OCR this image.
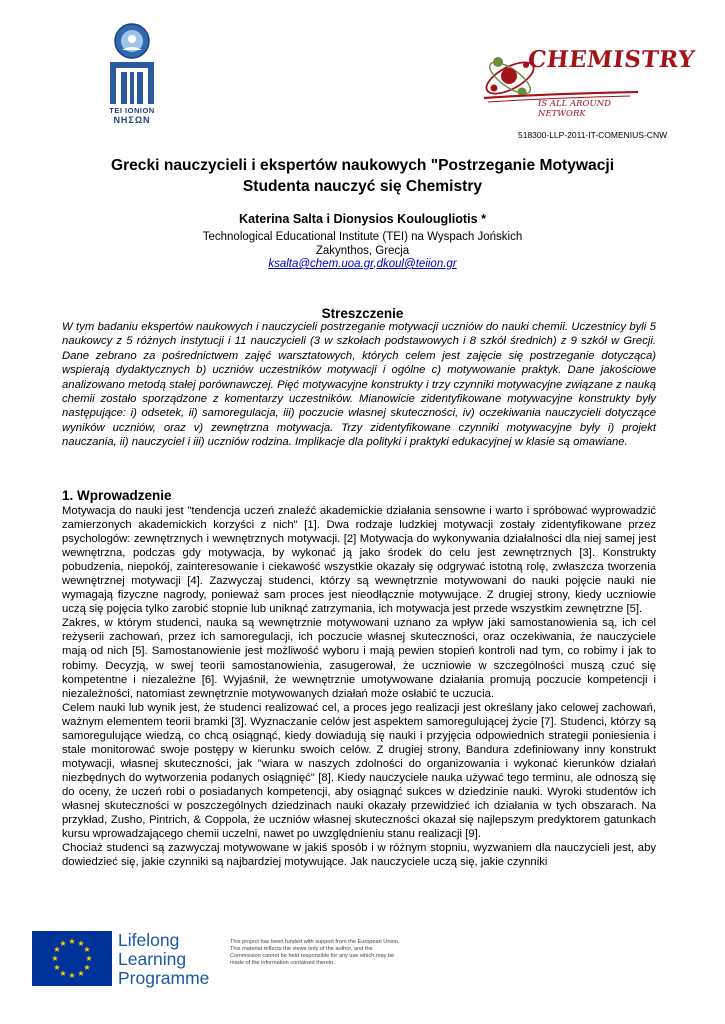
TEI IONION
ΝΗΣΩΝ
CHEMISTRY
IS ALL AROUND NETWORK
518300-LLP-2011-IT-COMENIUS-CNW
Grecki nauczycieli i ekspertów naukowych "Postrzeganie Motywacji
Studenta nauczyć się Chemistry
Katerina Salta i Dionysios Koulougliotis *
Technological Educational Institute (TEI) na Wyspach Jońskich
Zakynthos, Grecja
ksalta@chem.uoa.gr,dkoul@teiion.gr
Streszczenie

W tym badaniu ekspertów naukowych i nauczycieli postrzeganie motywacji uczniów do nauki chemii. Uczestnicy byli 5 naukowcy z 5 różnych instytucji i 11 nauczycieli (3 w szkołach podstawowych i 8 szkół średnich) z 9 szkół w Grecji. Dane zebrano za pośrednictwem zajęć warsztatowych, których celem jest zajęcie się postrzeganie dotycząca) wspierają dydaktycznych b) uczniów uczestników motywacji i ogólne c) motywowanie praktyk. Dane jakościowe analizowano metodą stałej porównawczej. Pięć motywacyjne konstrukty i trzy czynniki motywacyjne związane z nauką chemii zostało sporządzone z komentarzy uczestników. Mianowicie zidentyfikowane motywacyjne konstrukty były następujące: i) odsetek, ii) samoregulacja, iii) poczucie własnej skuteczności, iv) oczekiwania nauczycieli dotyczące wyników uczniów, oraz v) zewnętrzna motywacja. Trzy zidentyfikowane czynniki motywacyjne były i) projekt nauczania, ii) nauczyciel i iii) uczniów rodzina. Implikacje dla polityki i praktyki edukacyjnej w klasie są omawiane.

1. Wprowadzenie

Motywacja do nauki jest "tendencja uczeń znaleźć akademickie działania sensowne i warto i spróbować wyprowadzić zamierzonych akademickich korzyści z nich" [1]. Dwa rodzaje ludzkiej motywacji zostały zidentyfikowane przez psychologów: zewnętrznych i wewnętrznych motywacji. [2] Motywacja do wykonywania działalności dla niej samej jest wewnętrzna, podczas gdy motywacja, by wykonać ją jako środek do celu jest zewnętrznych [3]. Konstrukty pobudzenia, niepokój, zainteresowanie i ciekawość wszystkie okazały się odgrywać istotną rolę, zwłaszcza tworzenia wewnętrznej motywacji [4]. Zazwyczaj studenci, którzy są wewnętrznie motywowani do nauki pojęcie nauki nie wymagają fizyczne nagrody, ponieważ sam proces jest nieodłącznie motywujące. Z drugiej strony, kiedy uczniowie uczą się pojęcia tylko zarobić stopnie lub uniknąć zatrzymania, ich motywacja jest przede wszystkim zewnętrzne [5].

Zakres, w którym studenci, nauka są wewnętrznie motywowani uznano za wpływ jaki samostanowienia są, ich cel reżyserii zachowań, przez ich samoregulacji, ich poczucie własnej skuteczności, oraz oczekiwania, że nauczyciele mają od nich [5]. Samostanowienie jest możliwość wyboru i mają pewien stopień kontroli nad tym, co robimy i jak to robimy. Decyzją, w swej teorii samostanowienia, zasugerował, że uczniowie w szczególności muszą czuć się kompetentne i niezależne [6]. Wyjaśnił, że wewnętrznie umotywowane działania promują poczucie kompetencji i niezależności, natomiast zewnętrznie motywowanych działań może osłabić te uczucia.

Celem nauki lub wynik jest, że studenci realizować cel, a proces jego realizacji jest określany jako celowej zachowań, ważnym elementem teorii bramki [3]. Wyznaczanie celów jest aspektem samoregulującej życie [7]. Studenci, którzy są samoregulujące wiedzą, co chcą osiągnąć, kiedy dowiadują się nauki i przyjęcia odpowiednich strategii poniesienia i stale monitorować swoje postępy w kierunku swoich celów. Z drugiej strony, Bandura zdefiniowany inny konstrukt motywacji, własnej skuteczności, jak "wiara w naszych zdolności do organizowania i wykonać kierunków działań niezbędnych do wytworzenia podanych osiągnięć" [8]. Kiedy nauczyciele nauka używać tego terminu, ale odnoszą się do oceny, że uczeń robi o posiadanych kompetencji, aby osiągnąć sukces w dziedzinie nauki. Wyroki studentów ich własnej skuteczności w poszczególnych dziedzinach nauki okazały przewidzieć ich działania w tych obszarach. Na przykład, Zusho, Pintrich, & Coppola, że uczniów własnej skuteczności okazał się najlepszym predyktorem gatunkach kursu wprowadzającego chemii uczelni, nawet po uwzględnieniu stanu realizacji [9].

Chociaż studenci są zazwyczaj motywowane w jakiś sposób i w różnym stopniu, wyzwaniem dla nauczycieli jest, aby dowiedzieć się, jakie czynniki są najbardziej motywujące. Jak nauczyciele uczą się, jakie czynniki

★ ★
★
★
★
★
★
★
★
★
★
★	Lifelong
Learning
Programme
This project has been funded with support from the European Union. This material reflects the views only of the author, and the Commission cannot be held responsible for any use which may be made of the information contained therein.
